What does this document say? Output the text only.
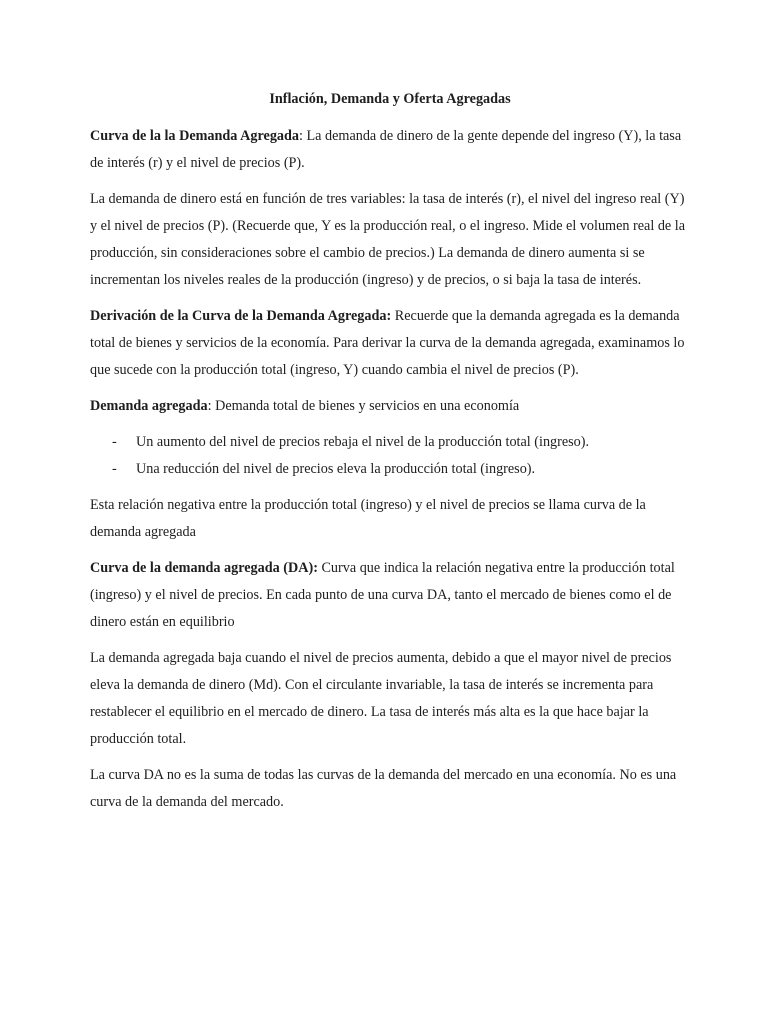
Inflación, Demanda y Oferta Agregadas

Curva de la la Demanda Agregada: La demanda de dinero de la gente depende del ingreso (Y), la tasa de interés (r) y el nivel de precios (P).

La demanda de dinero está en función de tres variables: la tasa de interés (r), el nivel del ingreso real (Y) y el nivel de precios (P). (Recuerde que, Y es la producción real, o el ingreso. Mide el volumen real de la producción, sin consideraciones sobre el cambio de precios.) La demanda de dinero aumenta si se incrementan los niveles reales de la producción (ingreso) y de precios, o si baja la tasa de interés.

Derivación de la Curva de la Demanda Agregada: Recuerde que la demanda agregada es la demanda total de bienes y servicios de la economía. Para derivar la curva de la demanda agregada, examinamos lo que sucede con la producción total (ingreso, Y) cuando cambia el nivel de precios (P).

Demanda agregada: Demanda total de bienes y servicios en una economía

- Un aumento del nivel de precios rebaja el nivel de la producción total (ingreso).
- Una reducción del nivel de precios eleva la producción total (ingreso).

Esta relación negativa entre la producción total (ingreso) y el nivel de precios se llama curva de la demanda agregada

Curva de la demanda agregada (DA): Curva que indica la relación negativa entre la producción total (ingreso) y el nivel de precios. En cada punto de una curva DA, tanto el mercado de bienes como el de dinero están en equilibrio

La demanda agregada baja cuando el nivel de precios aumenta, debido a que el mayor nivel de precios eleva la demanda de dinero (Md). Con el circulante invariable, la tasa de interés se incrementa para restablecer el equilibrio en el mercado de dinero. La tasa de interés más alta es la que hace bajar la producción total.

La curva DA no es la suma de todas las curvas de la demanda del mercado en una economía. No es una curva de la demanda del mercado.
